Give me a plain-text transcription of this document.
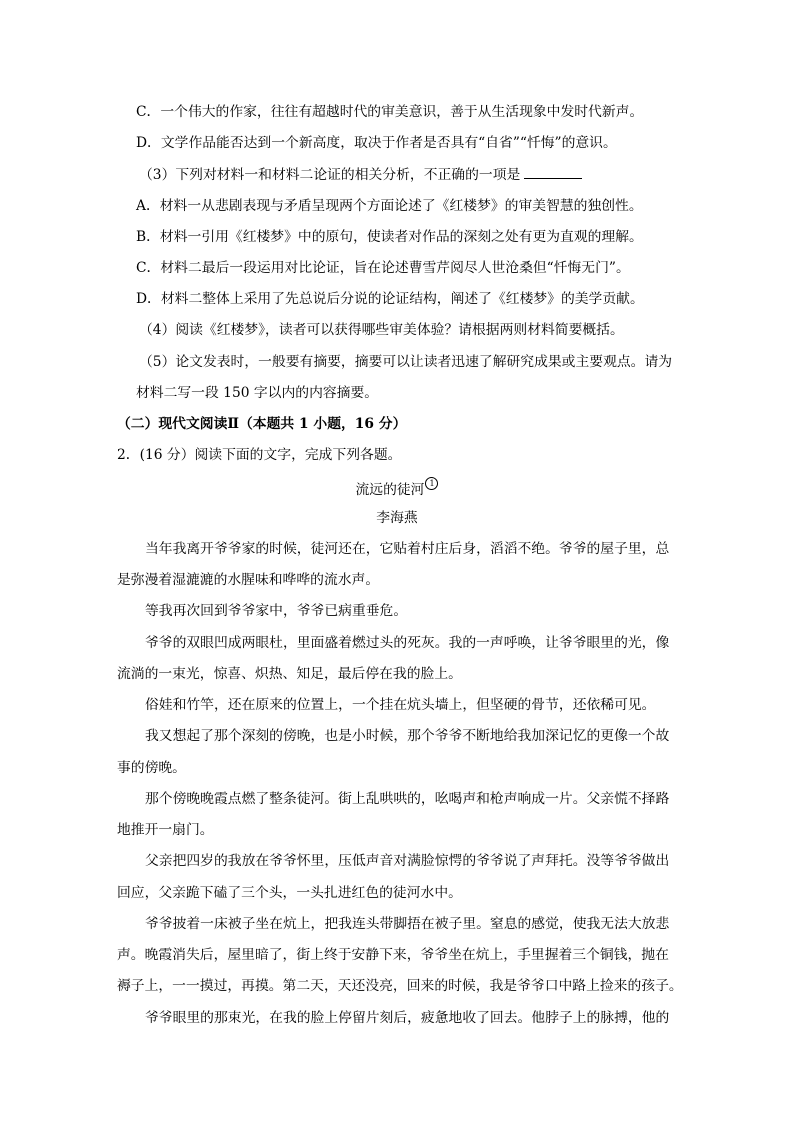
C．一个伟大的作家，往往有超越时代的审美意识，善于从生活现象中发时代新声。
D．文学作品能否达到一个新高度，取决于作者是否具有“自省”“忏悔”的意识。
（3）下列对材料一和材料二论证的相关分析，不正确的一项是
A．材料一从悲剧表现与矛盾呈现两个方面论述了《红楼梦》的审美智慧的独创性。
B．材料一引用《红楼梦》中的原句，使读者对作品的深刻之处有更为直观的理解。
C．材料二最后一段运用对比论证，旨在论述曹雪芹阅尽人世沧桑但“忏悔无门”。
D．材料二整体上采用了先总说后分说的论证结构，阐述了《红楼梦》的美学贡献。
（4）阅读《红楼梦》，读者可以获得哪些审美体验？请根据两则材料简要概括。
（5）论文发表时，一般要有摘要，摘要可以让读者迅速了解研究成果或主要观点。请为
材料二写一段 150 字以内的内容摘要。
（二）现代文阅读Ⅱ（本题共 1 小题，16 分）
2．(16 分）阅读下面的文字，完成下列各题。
流远的徒河 1
李海燕
当年我离开爷爷家的时候，徒河还在，它贴着村庄后身，滔滔不绝。爷爷的屋子里，总
是弥漫着湿漉漉的水腥味和哗哗的流水声。
等我再次回到爷爷家中，爷爷已病重垂危。
爷爷的双眼凹成两眼杜，里面盛着燃过头的死灰。我的一声呼唤，让爷爷眼里的光，像
流淌的一束光，惊喜、炽热、知足，最后停在我的脸上。
俗娃和竹竿，还在原来的位置上，一个挂在炕头墙上，但坚硬的骨节，还依稀可见。
我又想起了那个深刻的傍晚，也是小时候，那个爷爷不断地给我加深记忆的更像一个故
事的傍晚。
那个傍晚晚霞点燃了整条徒河。街上乱哄哄的，吆喝声和枪声响成一片。父亲慌不择路
地推开一扇门。
父亲把四岁的我放在爷爷怀里，压低声音对满脸惊愕的爷爷说了声拜托。没等爷爷做出
回应，父亲跪下磕了三个头，一头扎进红色的徒河水中。
爷爷披着一床被子坐在炕上，把我连头带脚捂在被子里。窒息的感觉，使我无法大放悲
声。晚霞消失后，屋里暗了，街上终于安静下来，爷爷坐在炕上，手里握着三个铜钱，抛在
褥子上，一一摸过，再摸。第二天，天还没亮，回来的时候，我是爷爷口中路上捡来的孩子。
爷爷眼里的那束光，在我的脸上停留片刻后，疲惫地收了回去。他脖子上的脉搏，他的
